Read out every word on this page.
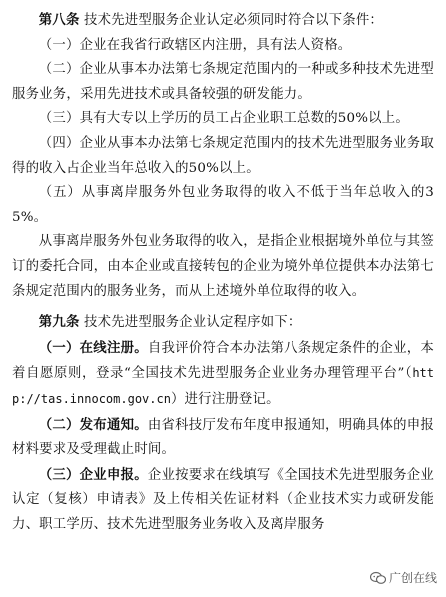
第八条 技术先进型服务企业认定必须同时符合以下条件：

（一）企业在我省行政辖区内注册，具有法人资格。

（二）企业从事本办法第七条规定范围内的一种或多种技术先进型服务业务，采用先进技术或具备较强的研发能力。

（三）具有大专以上学历的员工占企业职工总数的50%以上。

（四）企业从事本办法第七条规定范围内的技术先进型服务业务取得的收入占企业当年总收入的50%以上。

（五）从事离岸服务外包业务取得的收入不低于当年总收入的35%。

从事离岸服务外包业务取得的收入，是指企业根据境外单位与其签订的委托合同，由本企业或直接转包的企业为境外单位提供本办法第七条规定范围内的服务业务，而从上述境外单位取得的收入。

第九条 技术先进型服务企业认定程序如下：

（一）在线注册。自我评价符合本办法第八条规定条件的企业，本着自愿原则，登录“全国技术先进型服务企业业务办理管理平台”（http://tas.innocom.gov.cn）进行注册登记。

（二）发布通知。由省科技厅发布年度申报通知，明确具体的申报材料要求及受理截止时间。

（三）企业申报。企业按要求在线填写《全国技术先进型服务企业认定（复核）申请表》及上传相关佐证材料（企业技术实力或研发能力、职工学历、技术先进型服务业务收入及离岸服务

广创在线
